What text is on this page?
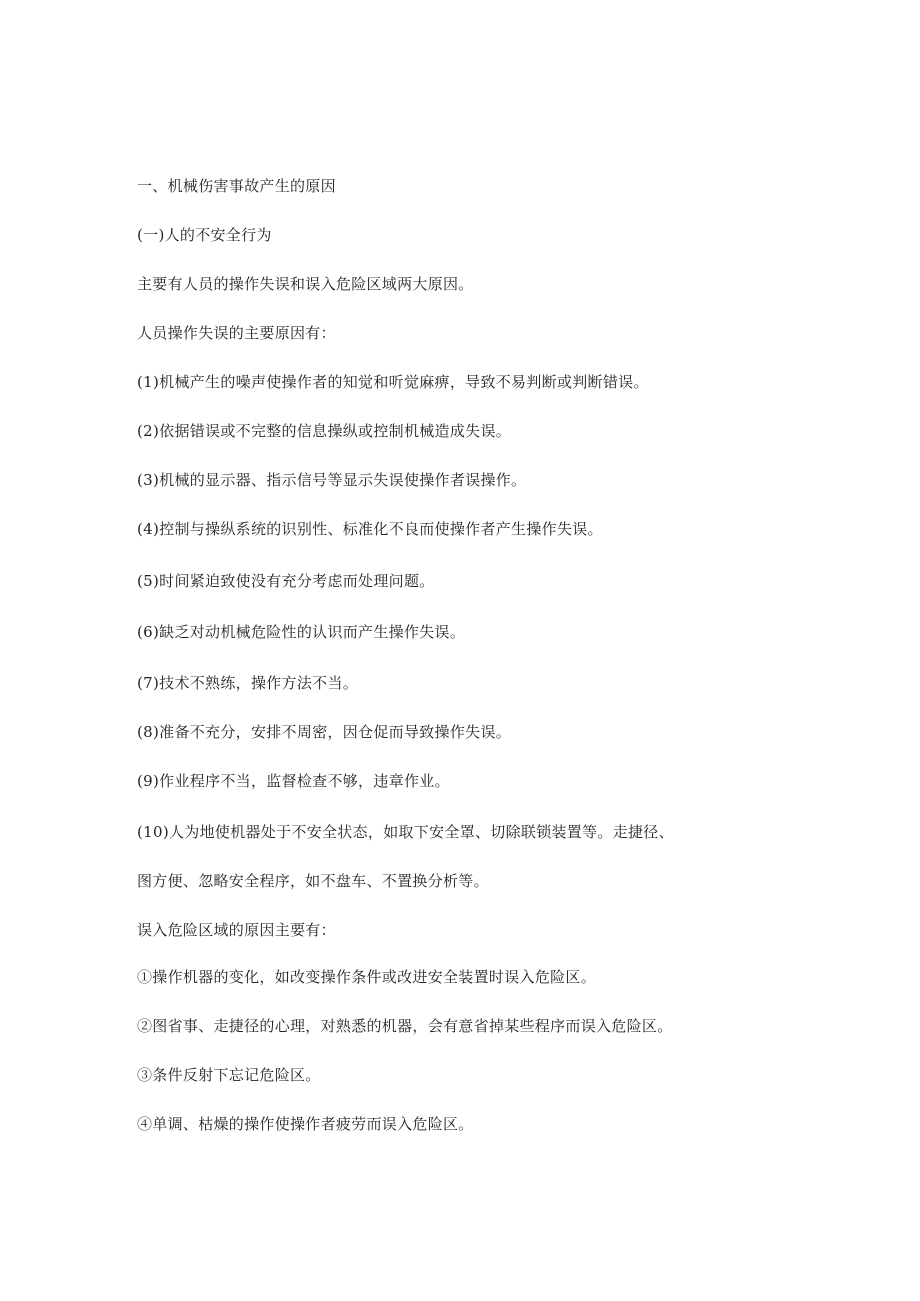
一、机械伤害事故产生的原因
(一)人的不安全行为
主要有人员的操作失误和误入危险区域两大原因。
人员操作失误的主要原因有：
(1)机械产生的噪声使操作者的知觉和听觉麻痹，导致不易判断或判断错误。
(2)依据错误或不完整的信息操纵或控制机械造成失误。
(3)机械的显示器、指示信号等显示失误使操作者误操作。
(4)控制与操纵系统的识别性、标准化不良而使操作者产生操作失误。
(5)时间紧迫致使没有充分考虑而处理问题。
(6)缺乏对动机械危险性的认识而产生操作失误。
(7)技术不熟练，操作方法不当。
(8)准备不充分，安排不周密，因仓促而导致操作失误。
(9)作业程序不当，监督检查不够，违章作业。
(10)人为地使机器处于不安全状态，如取下安全罩、切除联锁装置等。走捷径、
图方便、忽略安全程序，如不盘车、不置换分析等。
误入危险区域的原因主要有：
①操作机器的变化，如改变操作条件或改进安全装置时误入危险区。
②图省事、走捷径的心理，对熟悉的机器，会有意省掉某些程序而误入危险区。
③条件反射下忘记危险区。
④单调、枯燥的操作使操作者疲劳而误入危险区。
